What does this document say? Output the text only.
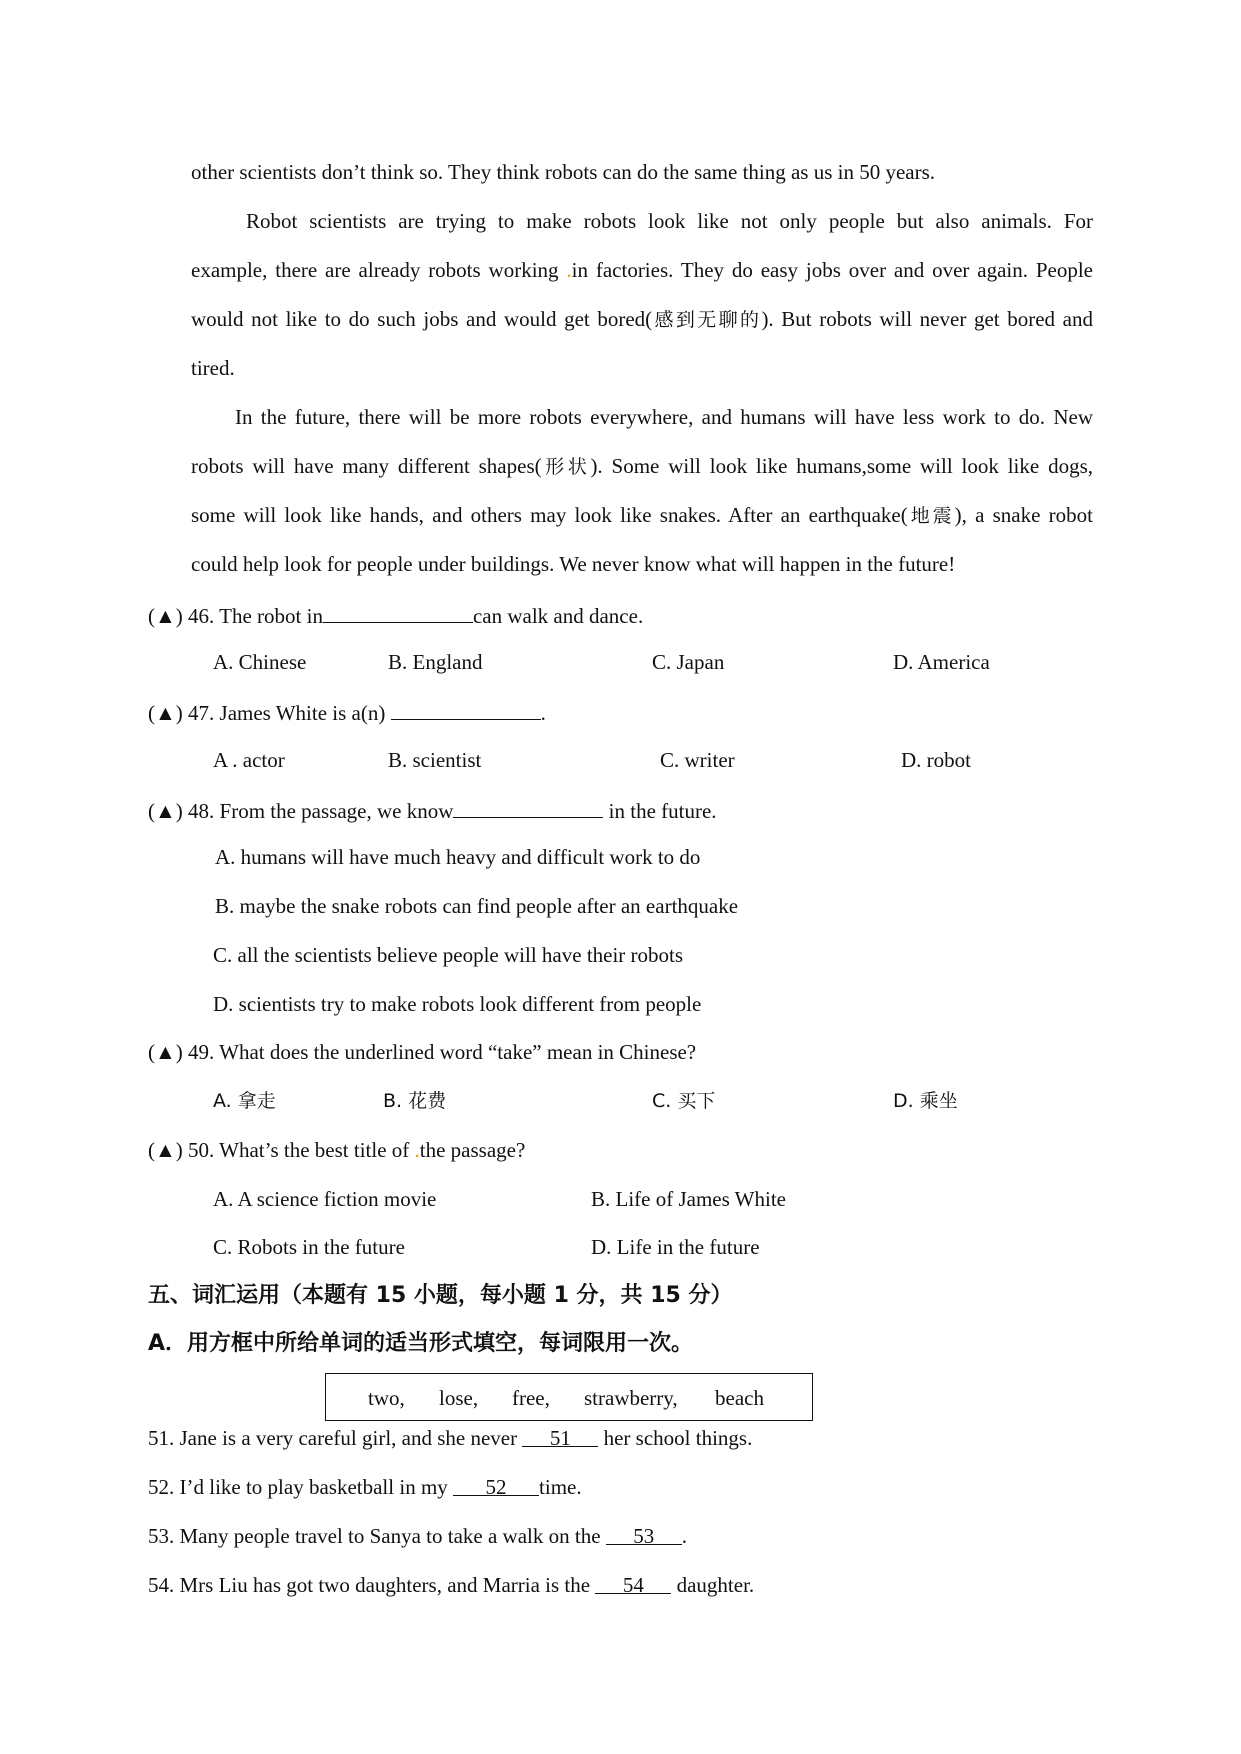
other scientists don’t think so. They think robots can do the same thing as us in 50 years.
Robot scientists are trying to make robots look like not only people but also animals. For
example, there are already robots working .in factories. They do easy jobs over and over again. People
would not like to do such jobs and would get bored(感到无聊的). But robots will never get bored and
tired.
In the future, there will be more robots everywhere, and humans will have less work to do. New
robots will have many different shapes(形状). Some will look like humans,some will look like dogs,
some will look like hands, and others may look like snakes. After an earthquake(地震), a snake robot
could help look for people under buildings. We never know what will happen in the future!
(▲) 46. The robot in	can walk and dance.
A. Chinese	B. England	C. Japan	D. America
(▲) 47. James White is a(n)	.
A . actor	B. scientist	C. writer	D. robot
(▲) 48. From the passage, we know	in the future.
A. humans will have much heavy and difficult work to do
B. maybe the snake robots can find people after an earthquake
C. all the scientists believe people will have their robots
D. scientists try to make robots look different from people
(▲) 49. What does the underlined word “take” mean in Chinese?
A. 拿走	B. 花费	C. 买下	D. 乘坐
(▲) 50. What’s the best title of .the passage?
A. A science fiction movie	B. Life of James White
C. Robots in the future	D. Life in the future
五、词汇运用（本题有 15 小题，每小题 1 分，共 15 分）
A．用方框中所给单词的适当形式填空，每词限用一次。
two, lose, free, strawberry, beach
51. Jane is a very careful girl, and she never 51 her school things.
52. I’d like to play basketball in my 52 time.
53. Many people travel to Sanya to take a walk on the 53 .
54. Mrs Liu has got two daughters, and Marria is the 54 daughter.
